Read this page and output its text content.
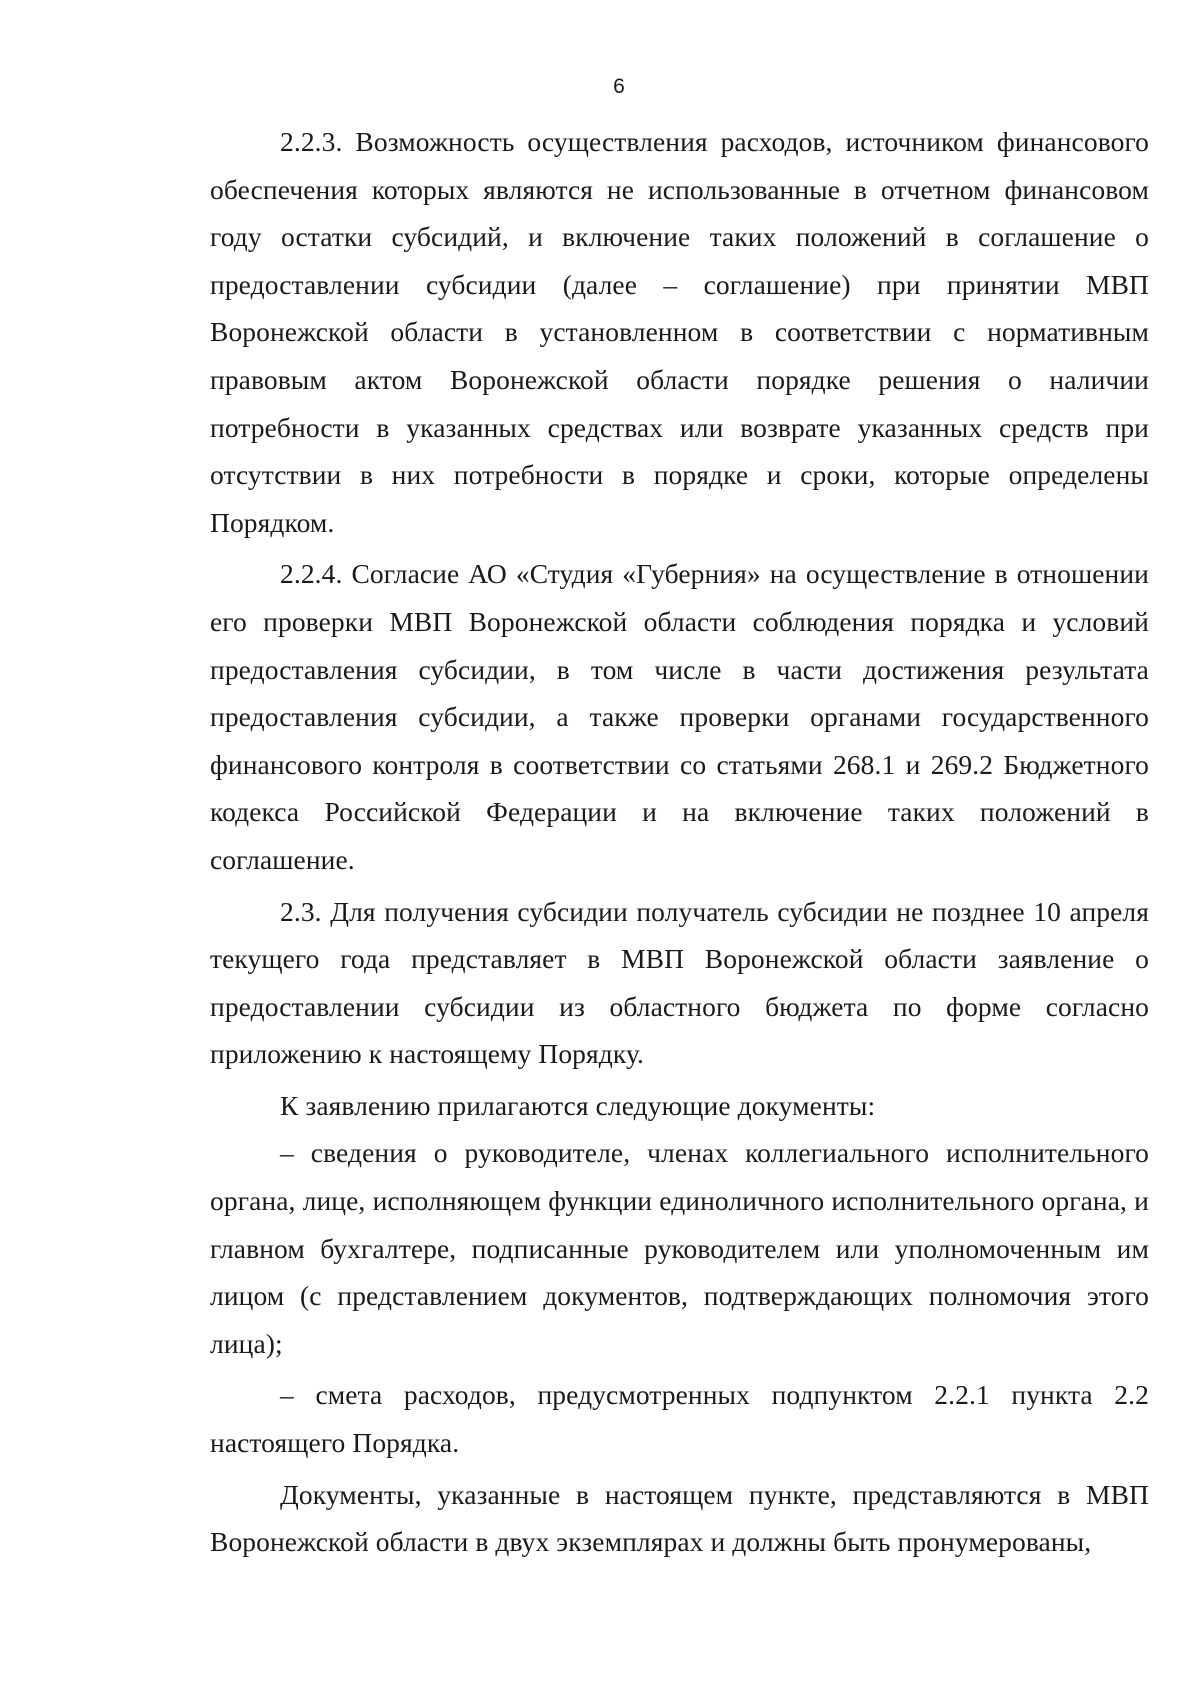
6

2.2.3. Возможность осуществления расходов, источником финансового обеспечения которых являются не использованные в отчетном финансовом году остатки субсидий, и включение таких положений в соглашение о предоставлении субсидии (далее – соглашение) при принятии МВП Воронежской области в установленном в соответствии с нормативным правовым актом Воронежской области порядке решения о наличии потребности в указанных средствах или возврате указанных средств при отсутствии в них потребности в порядке и сроки, которые определены Порядком.

2.2.4. Согласие АО «Студия «Губерния» на осуществление в отношении его проверки МВП Воронежской области соблюдения порядка и условий предоставления субсидии, в том числе в части достижения результата предоставления субсидии, а также проверки органами государственного финансового контроля в соответствии со статьями 268.1 и 269.2 Бюджетного кодекса Российской Федерации и на включение таких положений в соглашение.

2.3. Для получения субсидии получатель субсидии не позднее 10 апреля текущего года представляет в МВП Воронежской области заявление о предоставлении субсидии из областного бюджета по форме согласно приложению к настоящему Порядку.

К заявлению прилагаются следующие документы:

– сведения о руководителе, членах коллегиального исполнительного органа, лице, исполняющем функции единоличного исполнительного органа, и главном бухгалтере, подписанные руководителем или уполномоченным им лицом (с представлением документов, подтверждающих полномочия этого лица);

– смета расходов, предусмотренных подпунктом 2.2.1 пункта 2.2 настоящего Порядка.

Документы, указанные в настоящем пункте, представляются в МВП Воронежской области в двух экземплярах и должны быть пронумерованы,
